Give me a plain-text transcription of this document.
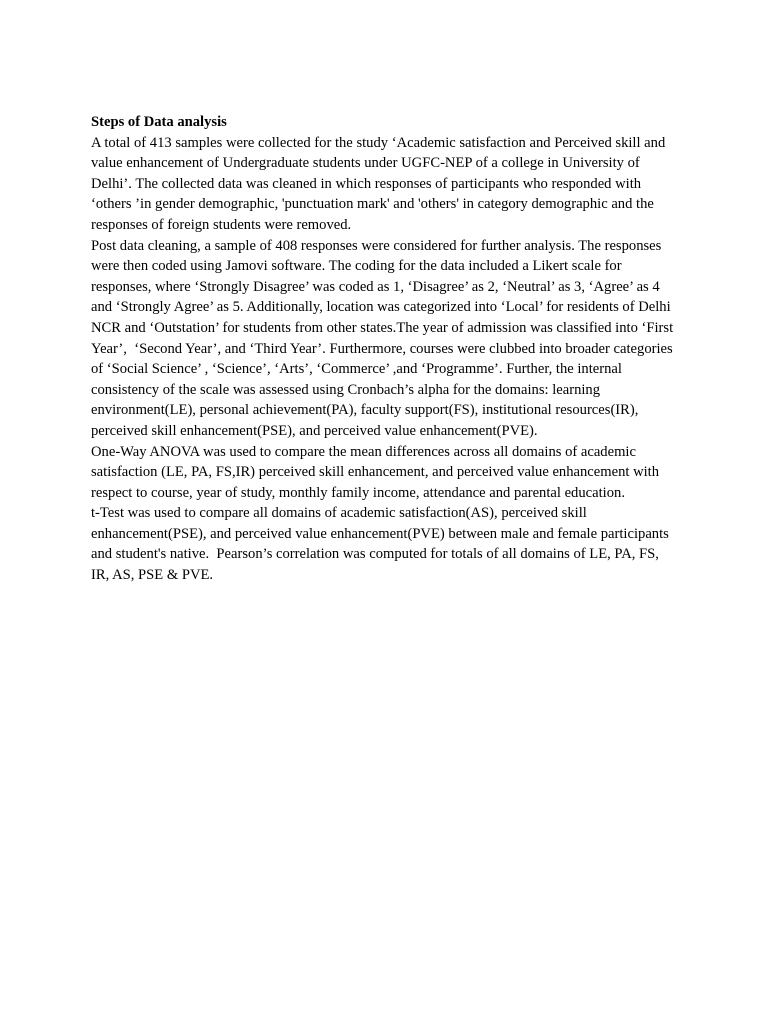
Steps of Data analysis

A total of 413 samples were collected for the study ‘Academic satisfaction and Perceived skill and value enhancement of Undergraduate students under UGFC-NEP of a college in University of Delhi’. The collected data was cleaned in which responses of participants who responded with ‘others ’in gender demographic, 'punctuation mark' and 'others' in category demographic and the responses of foreign students were removed.

Post data cleaning, a sample of 408 responses were considered for further analysis. The responses were then coded using Jamovi software. The coding for the data included a Likert scale for responses, where ‘Strongly Disagree’ was coded as 1, ‘Disagree’ as 2, ‘Neutral’ as 3, ‘Agree’ as 4 and ‘Strongly Agree’ as 5. Additionally, location was categorized into ‘Local’ for residents of Delhi NCR and ‘Outstation’ for students from other states.The year of admission was classified into ‘First Year’,  ‘Second Year’, and ‘Third Year’. Furthermore, courses were clubbed into broader categories of ‘Social Science’ , ‘Science’, ‘Arts’, ‘Commerce’ ,and ‘Programme’. Further, the internal consistency of the scale was assessed using Cronbach’s alpha for the domains: learning environment(LE), personal achievement(PA), faculty support(FS), institutional resources(IR), perceived skill enhancement(PSE), and perceived value enhancement(PVE).

One-Way ANOVA was used to compare the mean differences across all domains of academic satisfaction (LE, PA, FS,IR) perceived skill enhancement, and perceived value enhancement with respect to course, year of study, monthly family income, attendance and parental education.

t-Test was used to compare all domains of academic satisfaction(AS), perceived skill enhancement(PSE), and perceived value enhancement(PVE) between male and female participants and student's native.  Pearson’s correlation was computed for totals of all domains of LE, PA, FS, IR, AS, PSE & PVE.
